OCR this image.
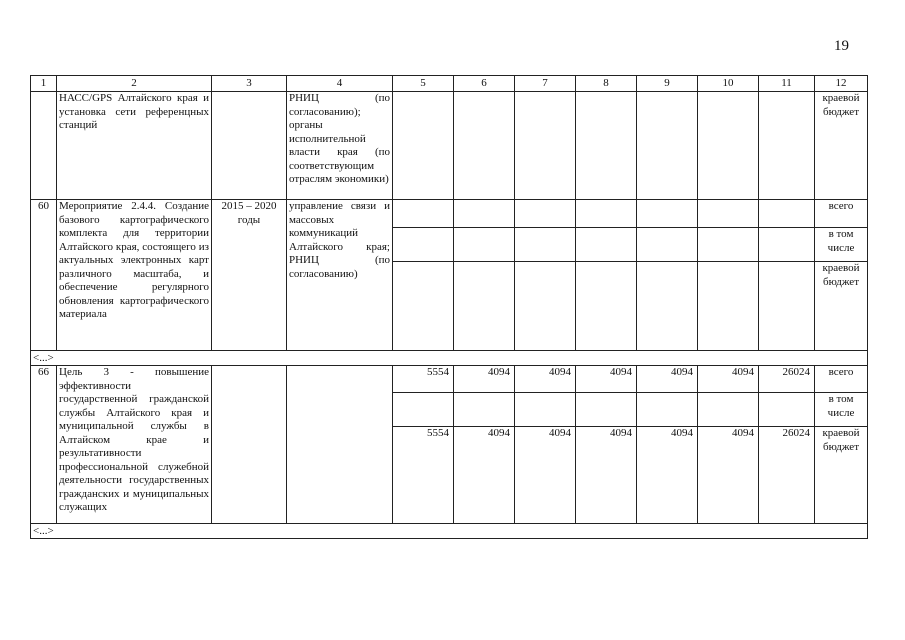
19
1	2	3	4	5	6	7	8	9	10	11	12
	НАСС/GPS Алтайского края и установка сети референцных станций		РНИЦ (по согласованию); органы исполнительной власти края (по соответствующим отраслям экономики)								краевой бюджет
60	Мероприятие 2.4.4. Создание базового картографического комплекта для территории Алтайского края, состоящего из актуальных электронных карт различного масштаба, и обеспечение регулярного обновления картографического материала	2015 – 2020 годы	управление связи и массовых коммуникаций Алтайского края; РНИЦ (по согласованию)								всего
											в том числе
											краевой бюджет
<...>											
66	Цель 3 - повышение эффективности государственной гражданской службы Алтайского края и муниципальной службы в Алтайском крае и результативности профессиональной служебной деятельности государственных гражданских и муниципальных служащих			5554	4094	4094	4094	4094	4094	26024	всего
											в том числе
				5554	4094	4094	4094	4094	4094	26024	краевой бюджет
<...>											
